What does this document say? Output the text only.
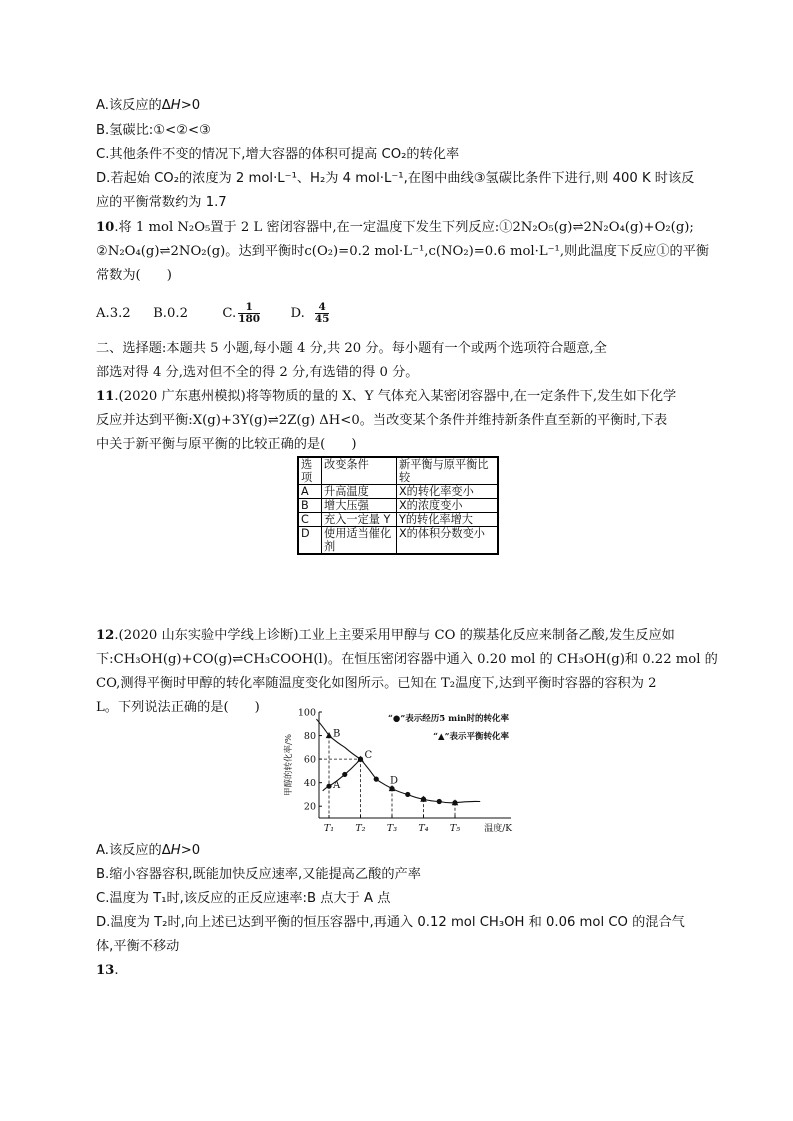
A.该反应的ΔH>0
B.氢碳比:①<②<③
C.其他条件不变的情况下,增大容器的体积可提高 CO₂的转化率
D.若起始 CO₂的浓度为 2 mol·L⁻¹、H₂为 4 mol·L⁻¹,在图中曲线③氢碳比条件下进行,则 400 K 时该反
应的平衡常数约为 1.7
10.将 1 mol N₂O₅置于 2 L 密闭容器中,在一定温度下发生下列反应:①2N₂O₅(g)⇌2N₂O₄(g)+O₂(g);
②N₂O₄(g)⇌2NO₂(g)。达到平衡时c(O₂)=0.2 mol·L⁻¹,c(NO₂)=0.6 mol·L⁻¹,则此温度下反应①的平衡
常数为( )
A.3.2 B.0.2	C. $\frac{1}{180} D$. $\frac{4}{45}$
二、选择题:本题共 5 小题,每小题 4 分,共 20 分。每小题有一个或两个选项符合题意,全
部选对得 4 分,选对但不全的得 2 分,有选错的得 0 分。
11.(2020 广东惠州模拟)将等物质的量的 X、Y 气体充入某密闭容器中,在一定条件下,发生如下化学
反应并达到平衡:X(g)+3Y(g)⇌2Z(g) ΔH<0。当改变某个条件并维持新条件直至新的平衡时,下表
中关于新平衡与原平衡的比较正确的是( )
选项	改变条件	新平衡与原平衡比较
A	升高温度	X的转化率变小
B	增大压强	X的浓度变小
C	充入一定量 Y	Y的转化率增大
D	使用适当催化剂	X的体积分数变小
12.(2020 山东实验中学线上诊断)工业上主要采用甲醇与 CO 的羰基化反应来制备乙酸,发生反应如
下:CH₃OH(g)+CO(g)⇌CH₃COOH(l)。在恒压密闭容器中通入 0.20 mol 的 CH₃OH(g)和 0.22 mol 的
CO,测得平衡时甲醇的转化率随温度变化如图所示。已知在 T₂温度下,达到平衡时容器的容积为 2
L。下列说法正确的是( )
20
40
60
80
100
甲醇的转化率/%
T₁ T₂ T₃ T₄ T₅	温度/K
“●”表示经历5 min时的转化率
“▲”表示平衡转化率
A
B
C
D
A.该反应的ΔH>0
B.缩小容器容积,既能加快反应速率,又能提高乙酸的产率
C.温度为 T₁时,该反应的正反应速率:B 点大于 A 点
D.温度为 T₂时,向上述已达到平衡的恒压容器中,再通入 0.12 mol CH₃OH 和 0.06 mol CO 的混合气
体,平衡不移动
13.
